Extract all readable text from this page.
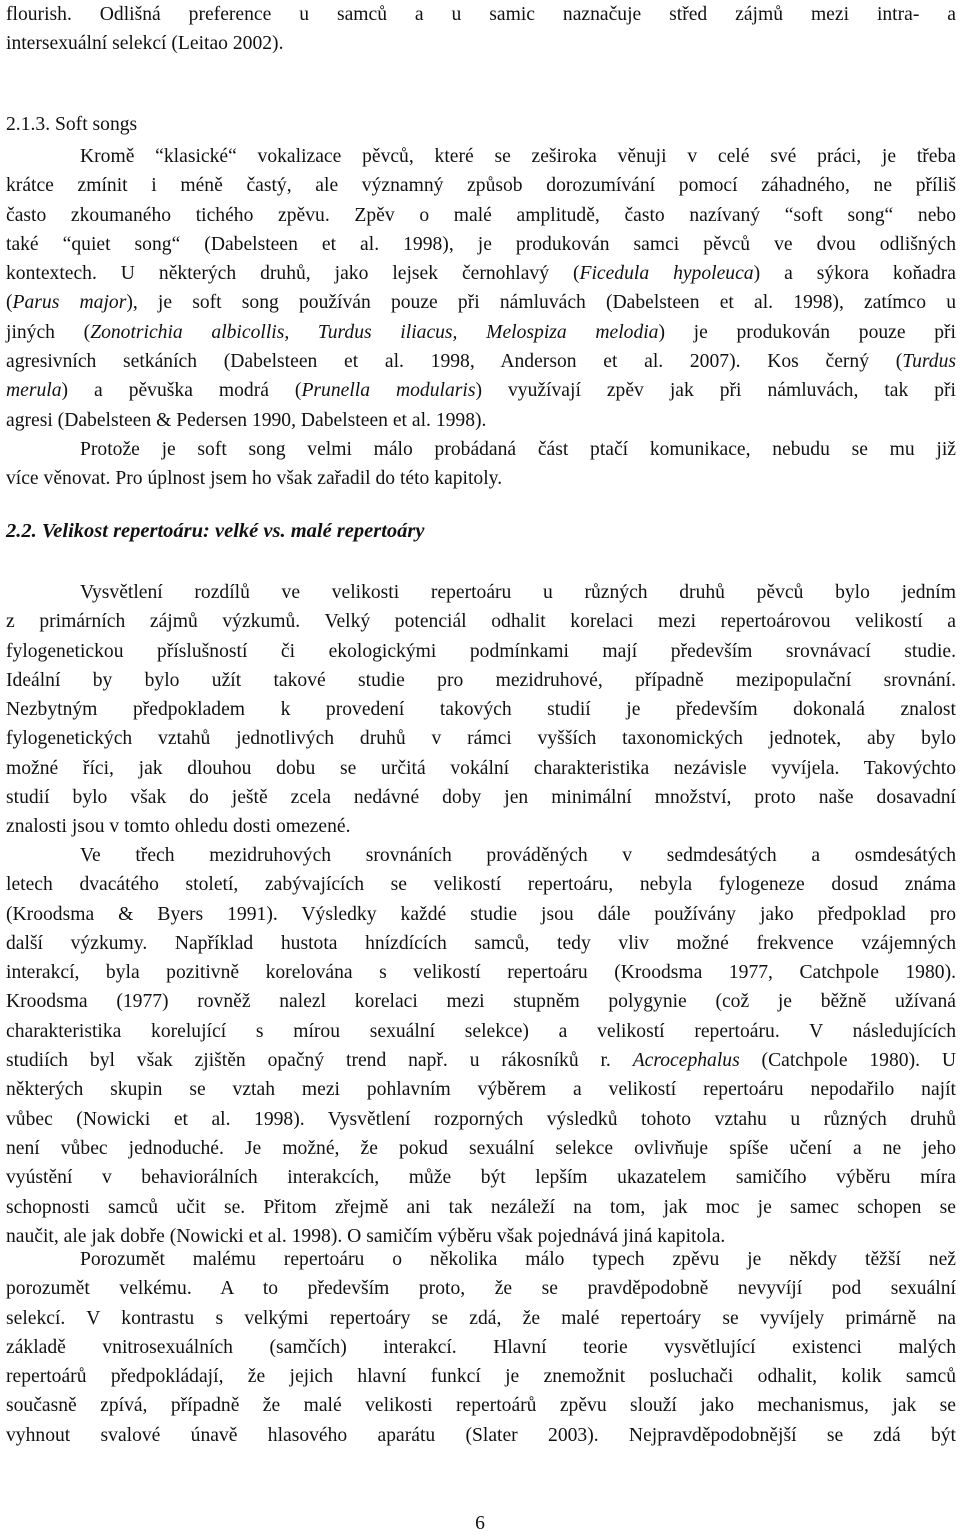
flourish. Odlišná preference u samců a u samic naznačuje střed zájmů mezi intra- a
intersexuální selekcí (Leitao 2002).
2.1.3. Soft songs
Kromě “klasické“ vokalizace pěvců, které se zeširoka věnuji v celé své práci, je třeba
krátce zmínit i méně častý, ale významný způsob dorozumívání pomocí záhadného, ne příliš
často zkoumaného tichého zpěvu. Zpěv o malé amplitudě, často nazívaný “soft song“ nebo
také “quiet song“ (Dabelsteen et al. 1998), je produkován samci pěvců ve dvou odlišných
kontextech. U některých druhů, jako lejsek černohlavý (Ficedula hypoleuca) a sýkora koňadra
(Parus major), je soft song používán pouze při námluvách (Dabelsteen et al. 1998), zatímco u
jiných (Zonotrichia albicollis, Turdus iliacus, Melospiza melodia) je produkován pouze při
agresivních setkáních (Dabelsteen et al. 1998, Anderson et al. 2007). Kos černý (Turdus
merula) a pěvuška modrá (Prunella modularis) využívají zpěv jak při námluvách, tak při
agresi (Dabelsteen & Pedersen 1990, Dabelsteen et al. 1998).
Protože je soft song velmi málo probádaná část ptačí komunikace, nebudu se mu již
více věnovat. Pro úplnost jsem ho však zařadil do této kapitoly.
2.2. Velikost repertoáru: velké vs. malé repertoáry
Vysvětlení rozdílů ve velikosti repertoáru u různých druhů pěvců bylo jedním
z primárních zájmů výzkumů. Velký potenciál odhalit korelaci mezi repertoárovou velikostí a
fylogenetickou příslušností či ekologickými podmínkami mají především srovnávací studie.
Ideální by bylo užít takové studie pro mezidruhové, případně mezipopulační srovnání.
Nezbytným předpokladem k provedení takových studií je především dokonalá znalost
fylogenetických vztahů jednotlivých druhů v rámci vyšších taxonomických jednotek, aby bylo
možné říci, jak dlouhou dobu se určitá vokální charakteristika nezávisle vyvíjela. Takovýchto
studií bylo však do ještě zcela nedávné doby jen minimální množství, proto naše dosavadní
znalosti jsou v tomto ohledu dosti omezené.
Ve třech mezidruhových srovnáních prováděných v sedmdesátých a osmdesátých
letech dvacátého století, zabývajících se velikostí repertoáru, nebyla fylogeneze dosud známa
(Kroodsma & Byers 1991). Výsledky každé studie jsou dále používány jako předpoklad pro
další výzkumy. Například hustota hnízdících samců, tedy vliv možné frekvence vzájemných
interakcí, byla pozitivně korelována s velikostí repertoáru (Kroodsma 1977, Catchpole 1980).
Kroodsma (1977) rovněž nalezl korelaci mezi stupněm polygynie (což je běžně užívaná
charakteristika korelující s mírou sexuální selekce) a velikostí repertoáru. V následujících
studiích byl však zjištěn opačný trend např. u rákosníků r. Acrocephalus (Catchpole 1980). U
některých skupin se vztah mezi pohlavním výběrem a velikostí repertoáru nepodařilo najít
vůbec (Nowicki et al. 1998). Vysvětlení rozporných výsledků tohoto vztahu u různých druhů
není vůbec jednoduché. Je možné, že pokud sexuální selekce ovlivňuje spíše učení a ne jeho
vyústění v behaviorálních interakcích, může být lepším ukazatelem samičího výběru míra
schopnosti samců učit se. Přitom zřejmě ani tak nezáleží na tom, jak moc je samec schopen se
naučit, ale jak dobře (Nowicki et al. 1998). O samičím výběru však pojednává jiná kapitola.
Porozumět malému repertoáru o několika málo typech zpěvu je někdy těžší než
porozumět velkému. A to především proto, že se pravděpodobně nevyvíjí pod sexuální
selekcí. V kontrastu s velkými repertoáry se zdá, že malé repertoáry se vyvíjely primárně na
základě vnitrosexuálních (samčích) interakcí. Hlavní teorie vysvětlující existenci malých
repertoárů předpokládají, že jejich hlavní funkcí je znemožnit posluchači odhalit, kolik samců
současně zpívá, případně že malé velikosti repertoárů zpěvu slouží jako mechanismus, jak se
vyhnout svalové únavě hlasového aparátu (Slater 2003). Nejpravděpodobnější se zdá být
6
